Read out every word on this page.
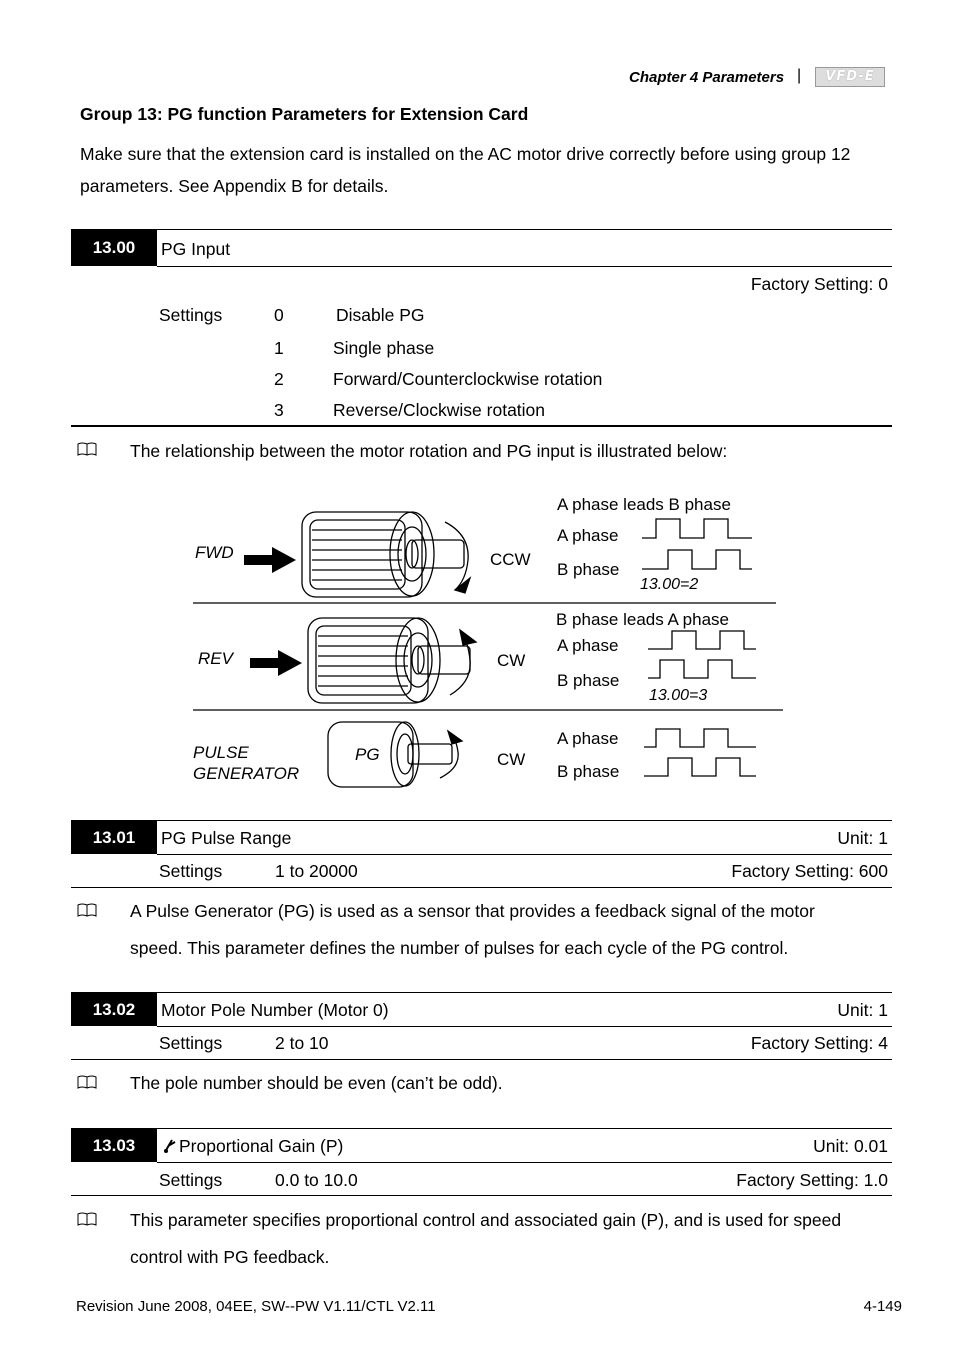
Chapter 4 Parameters |	VFD-E
Group 13: PG function Parameters for Extension Card
Make sure that the extension card is installed on the AC motor drive correctly before using group 12
parameters. See Appendix B for details.
13.00	PG Input
Factory Setting: 0
Settings	0	Disable PG
1	Single phase
2	Forward/Counterclockwise rotation
3	Reverse/Clockwise rotation
The relationship between the motor rotation and PG input is illustrated below:
PG
FWD	CCW
A phase leads B phase
A phase
B phase
13.00=2
REV	CW
B phase leads A phase
A phase
B phase
13.00=3
PULSE
GENERATOR
CW
A phase
B phase
13.01	PG Pulse Range	Unit: 1
Settings	1 to 20000	Factory Setting: 600
A Pulse Generator (PG) is used as a sensor that provides a feedback signal of the motor
speed. This parameter defines the number of pulses for each cycle of the PG control.
13.02	Motor Pole Number (Motor 0)	Unit: 1
Settings	2 to 10	Factory Setting: 4
The pole number should be even (can’t be odd).
13.03	Proportional Gain (P)	Unit: 0.01
Settings	0.0 to 10.0	Factory Setting: 1.0
This parameter specifies proportional control and associated gain (P), and is used for speed
control with PG feedback.
Revision June 2008, 04EE, SW--PW V1.11/CTL V2.11	4-149
